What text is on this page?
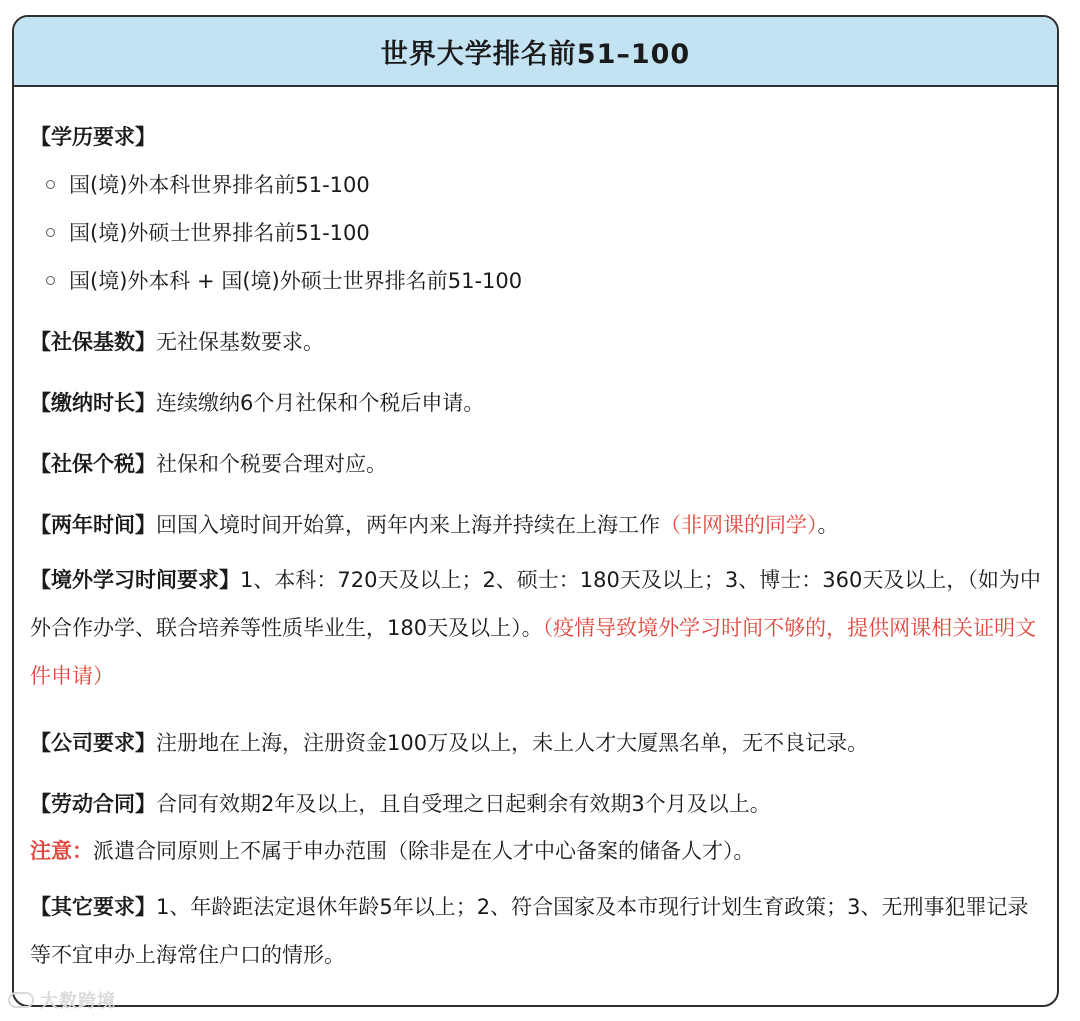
世界大学排名前51–100
【学历要求】
国(境)外本科世界排名前51-100
国(境)外硕士世界排名前51-100
国(境)外本科 + 国(境)外硕士世界排名前51-100
【社保基数】无社保基数要求。
【缴纳时长】连续缴纳6个月社保和个税后申请。
【社保个税】社保和个税要合理对应。
【两年时间】回国入境时间开始算，两年内来上海并持续在上海工作（非网课的同学）。
【境外学习时间要求】1、本科：720天及以上；2、硕士：180天及以上；3、博士：360天及以上，（如为中外合作办学、联合培养等性质毕业生，180天及以上）。（疫情导致境外学习时间不够的，提供网课相关证明文件申请）
【公司要求】注册地在上海，注册资金100万及以上，未上人才大厦黑名单，无不良记录。
【劳动合同】合同有效期2年及以上，且自受理之日起剩余有效期3个月及以上。
注意：派遣合同原则上不属于申办范围（除非是在人才中心备案的储备人才）。
【其它要求】1、年龄距法定退休年龄5年以上；2、符合国家及本市现行计划生育政策；3、无刑事犯罪记录等不宜申办上海常住户口的情形。
大数跨境
